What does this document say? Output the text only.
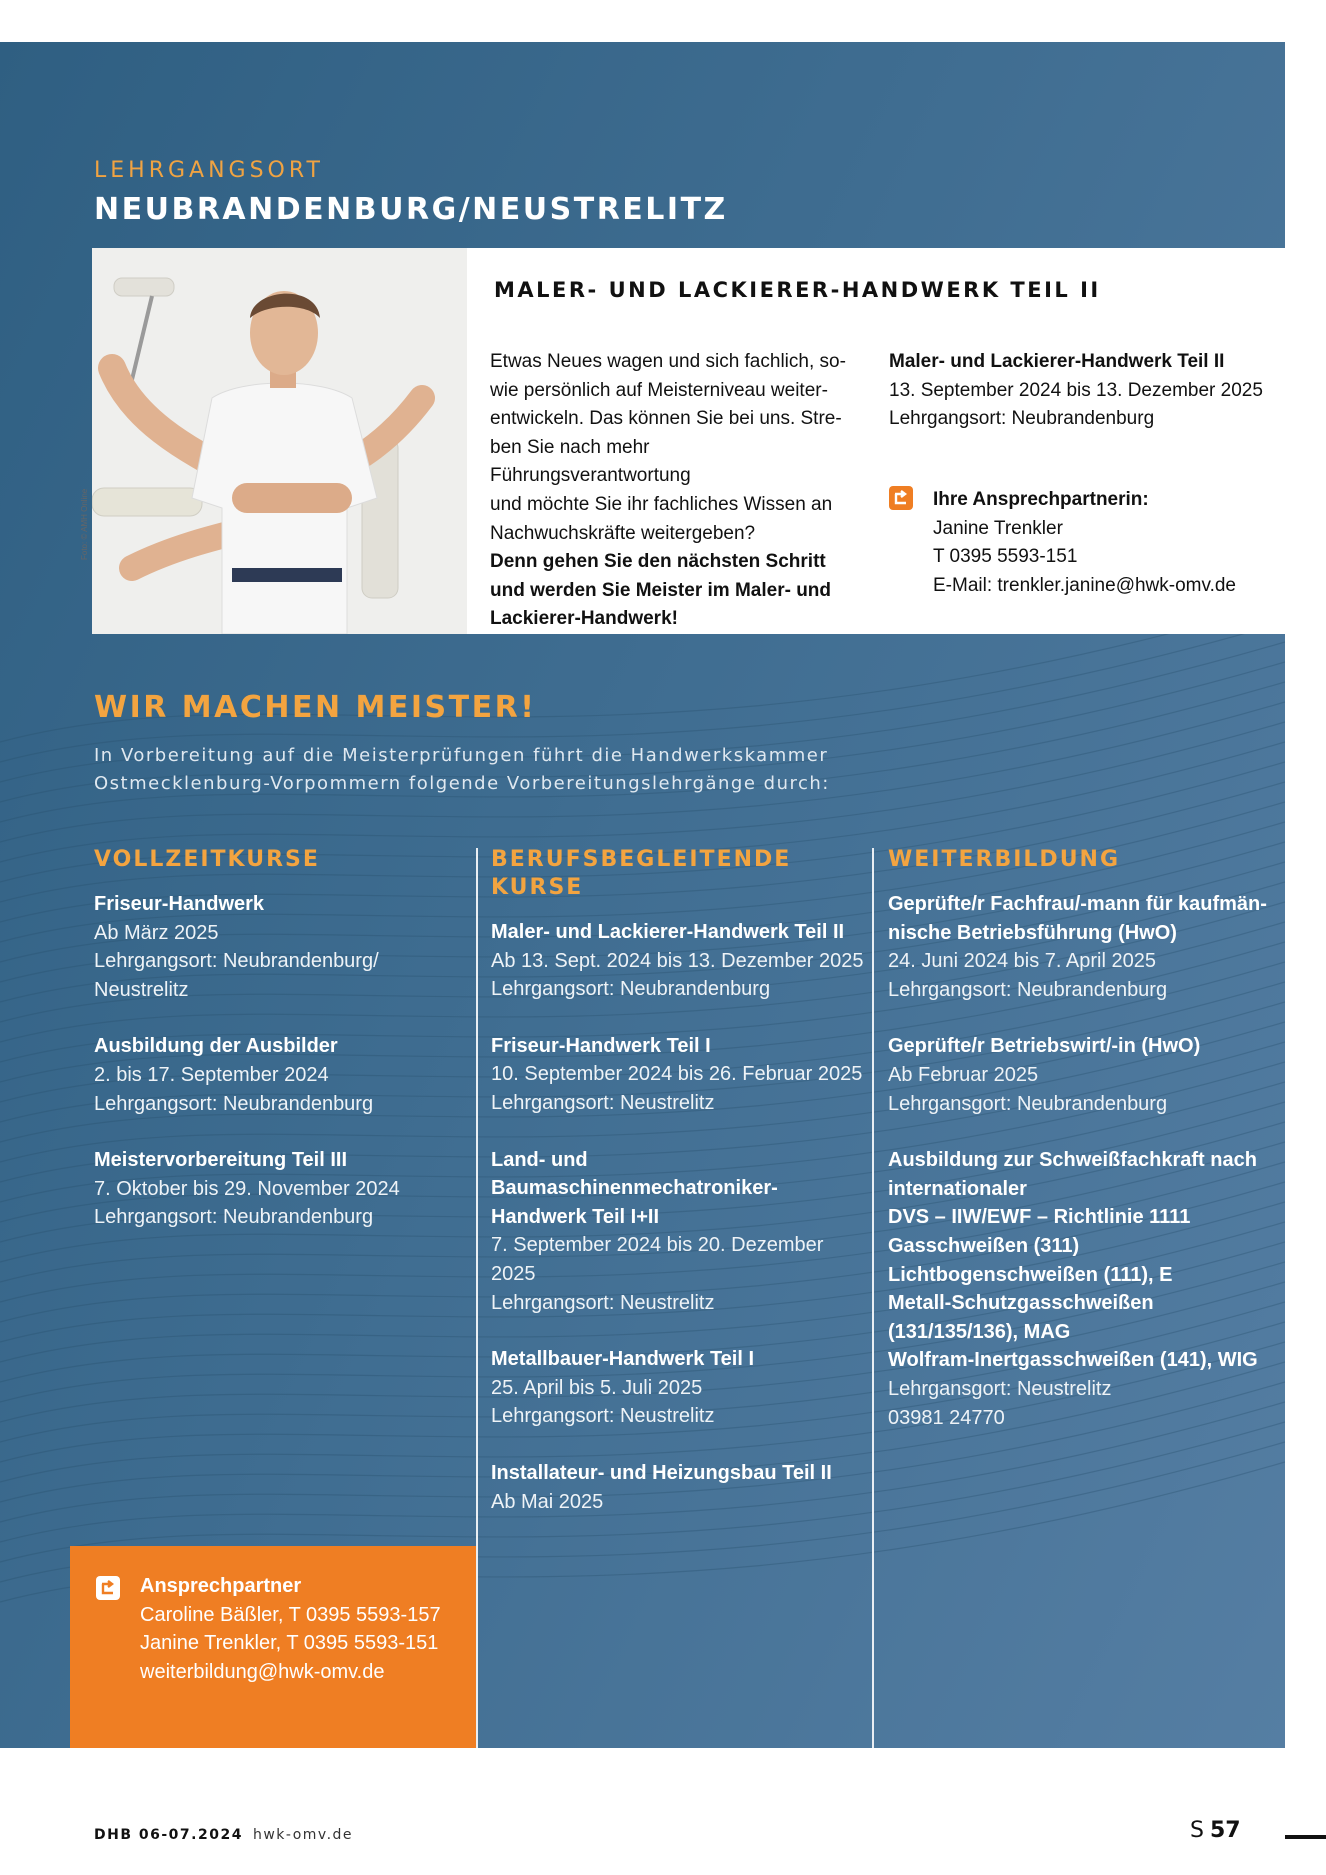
LEHRGANGSORT
NEUBRANDENBURG/NEUSTRELITZ
MALER- UND LACKIERER-HANDWERK TEIL II
Etwas Neues wagen und sich fachlich, so-
wie persönlich auf Meisterniveau weiter-
entwickeln. Das können Sie bei uns. Stre-
ben Sie nach mehr Führungsverantwortung
und möchte Sie ihr fachliches Wissen an
Nachwuchskräfte weitergeben?
Denn gehen Sie den nächsten Schritt
und werden Sie Meister im Maler- und
Lackierer-Handwerk!
Maler- und Lackierer-Handwerk Teil II
13. September 2024 bis 13. Dezember 2025
Lehrgangsort: Neubrandenburg
Ihre Ansprechpartnerin:
Janine Trenkler
T 0395 5593-151
E-Mail: trenkler.janine@hwk-omv.de
Foto: © AMH Online
WIR MACHEN MEISTER!
In Vorbereitung auf die Meisterprüfungen führt die Handwerkskammer
Ostmecklenburg-Vorpommern folgende Vorbereitungslehrgänge durch:
VOLLZEITKURSE
Friseur-Handwerk
Ab März 2025
Lehrgangsort: Neubrandenburg/
Neustrelitz
Ausbildung der Ausbilder
2. bis 17. September 2024
Lehrgangsort: Neubrandenburg
Meistervorbereitung Teil III
7. Oktober bis 29. November 2024
Lehrgangsort: Neubrandenburg
BERUFSBEGLEITENDE KURSE
Maler- und Lackierer-Handwerk Teil II
Ab 13. Sept. 2024 bis 13. Dezember 2025
Lehrgangsort: Neubrandenburg
Friseur-Handwerk Teil I
10. September 2024 bis 26. Februar 2025
Lehrgangsort: Neustrelitz
Land- und Baumaschinenmechatroniker-
Handwerk Teil I+II
7. September 2024 bis 20. Dezember 2025
Lehrgangsort: Neustrelitz
Metallbauer-Handwerk Teil I
25. April bis 5. Juli 2025
Lehrgangsort: Neustrelitz
Installateur- und Heizungsbau Teil II
Ab Mai 2025
WEITERBILDUNG
Geprüfte/r Fachfrau/-mann für kaufmän-
nische Betriebsführung (HwO)
24. Juni 2024 bis 7. April 2025
Lehrgangsort: Neubrandenburg
Geprüfte/r Betriebswirt/-in (HwO)
Ab Februar 2025
Lehrgansgort: Neubrandenburg
Ausbildung zur Schweißfachkraft nach
internationaler
DVS – IIW/EWF – Richtlinie 1111
Gasschweißen (311)
Lichtbogenschweißen (111), E
Metall-Schutzgasschweißen
(131/135/136), MAG
Wolfram-Inertgasschweißen (141), WIG
Lehrgansgort: Neustrelitz
03981 24770
Ansprechpartner
Caroline Bäßler, T 0395 5593-157
Janine Trenkler, T 0395 5593-151
weiterbildung@hwk-omv.de
DHB 06-07.2024 hwk-omv.de	S 57
